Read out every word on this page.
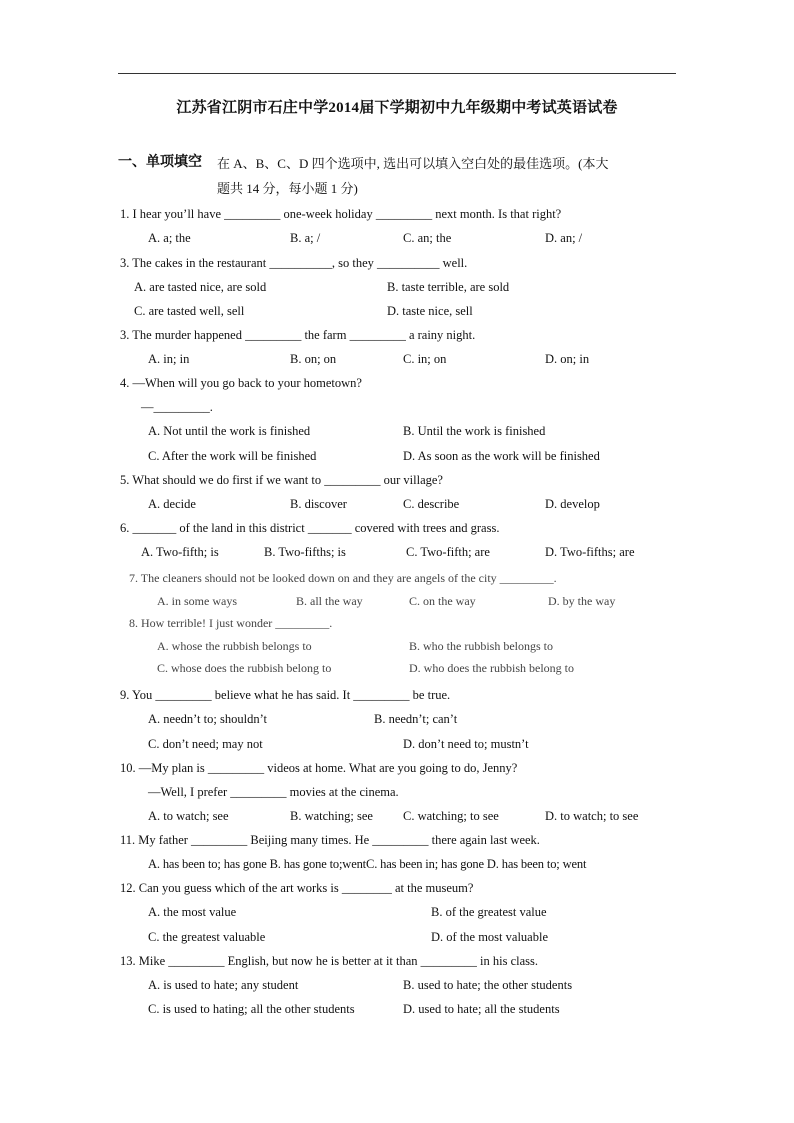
江苏省江阴市石庄中学2014届下学期初中九年级期中考试英语试卷
一、单项填空 在 A、B、C、D 四个选项中, 选出可以填入空白处的最佳选项。(本大
题共 14 分，每小题 1 分)
1. I hear you’ll have _________ one-week holiday _________ next month. Is that right?
A. a; the	B. a; /	C. an; the	D. an; /
3. The cakes in the restaurant __________, so they __________ well.
A. are tasted nice, are sold	B. taste terrible, are sold
C. are tasted well, sell	D. taste nice, sell
3. The murder happened _________ the farm _________ a rainy night.
A. in; in	B. on; on	C. in; on	D. on; in
4. —When will you go back to your hometown?
—_________.
A. Not until the work is finished	B. Until the work is finished
C. After the work will be finished	D. As soon as the work will be finished
5. What should we do first if we want to _________ our village?
A. decide	B. discover	C. describe	D. develop
6. _______ of the land in this district _______ covered with trees and grass.
A. Two-fifth; is	B. Two-fifths; is	C. Two-fifth; are	D. Two-fifths; are
7. The cleaners should not be looked down on and they are angels of the city _________.
A. in some ways	B. all the way	C. on the way	D. by the way
8. How terrible! I just wonder _________.
A. whose the rubbish belongs to	B. who the rubbish belongs to
C. whose does the rubbish belong to	D. who does the rubbish belong to
9. You _________ believe what he has said. It _________ be true.
A. needn’t to; shouldn’t	B. needn’t; can’t
C. don’t need; may not	D. don’t need to; mustn’t
10. —My plan is _________ videos at home. What are you going to do, Jenny?
—Well, I prefer _________ movies at the cinema.
A. to watch; see	B. watching; see C. watching; to see	D. to watch; to see
11. My father _________ Beijing many times. He _________ there again last week.
A. has been to; has gone B. has gone to;wentC. has been in; has gone D. has been to; went
12. Can you guess which of the art works is ________ at the museum?
A. the most value	B. of the greatest value
C. the greatest valuable	D. of the most valuable
13. Mike _________ English, but now he is better at it than _________ in his class.
A. is used to hate; any student	B. used to hate; the other students
C. is used to hating; all the other students	D. used to hate; all the students
